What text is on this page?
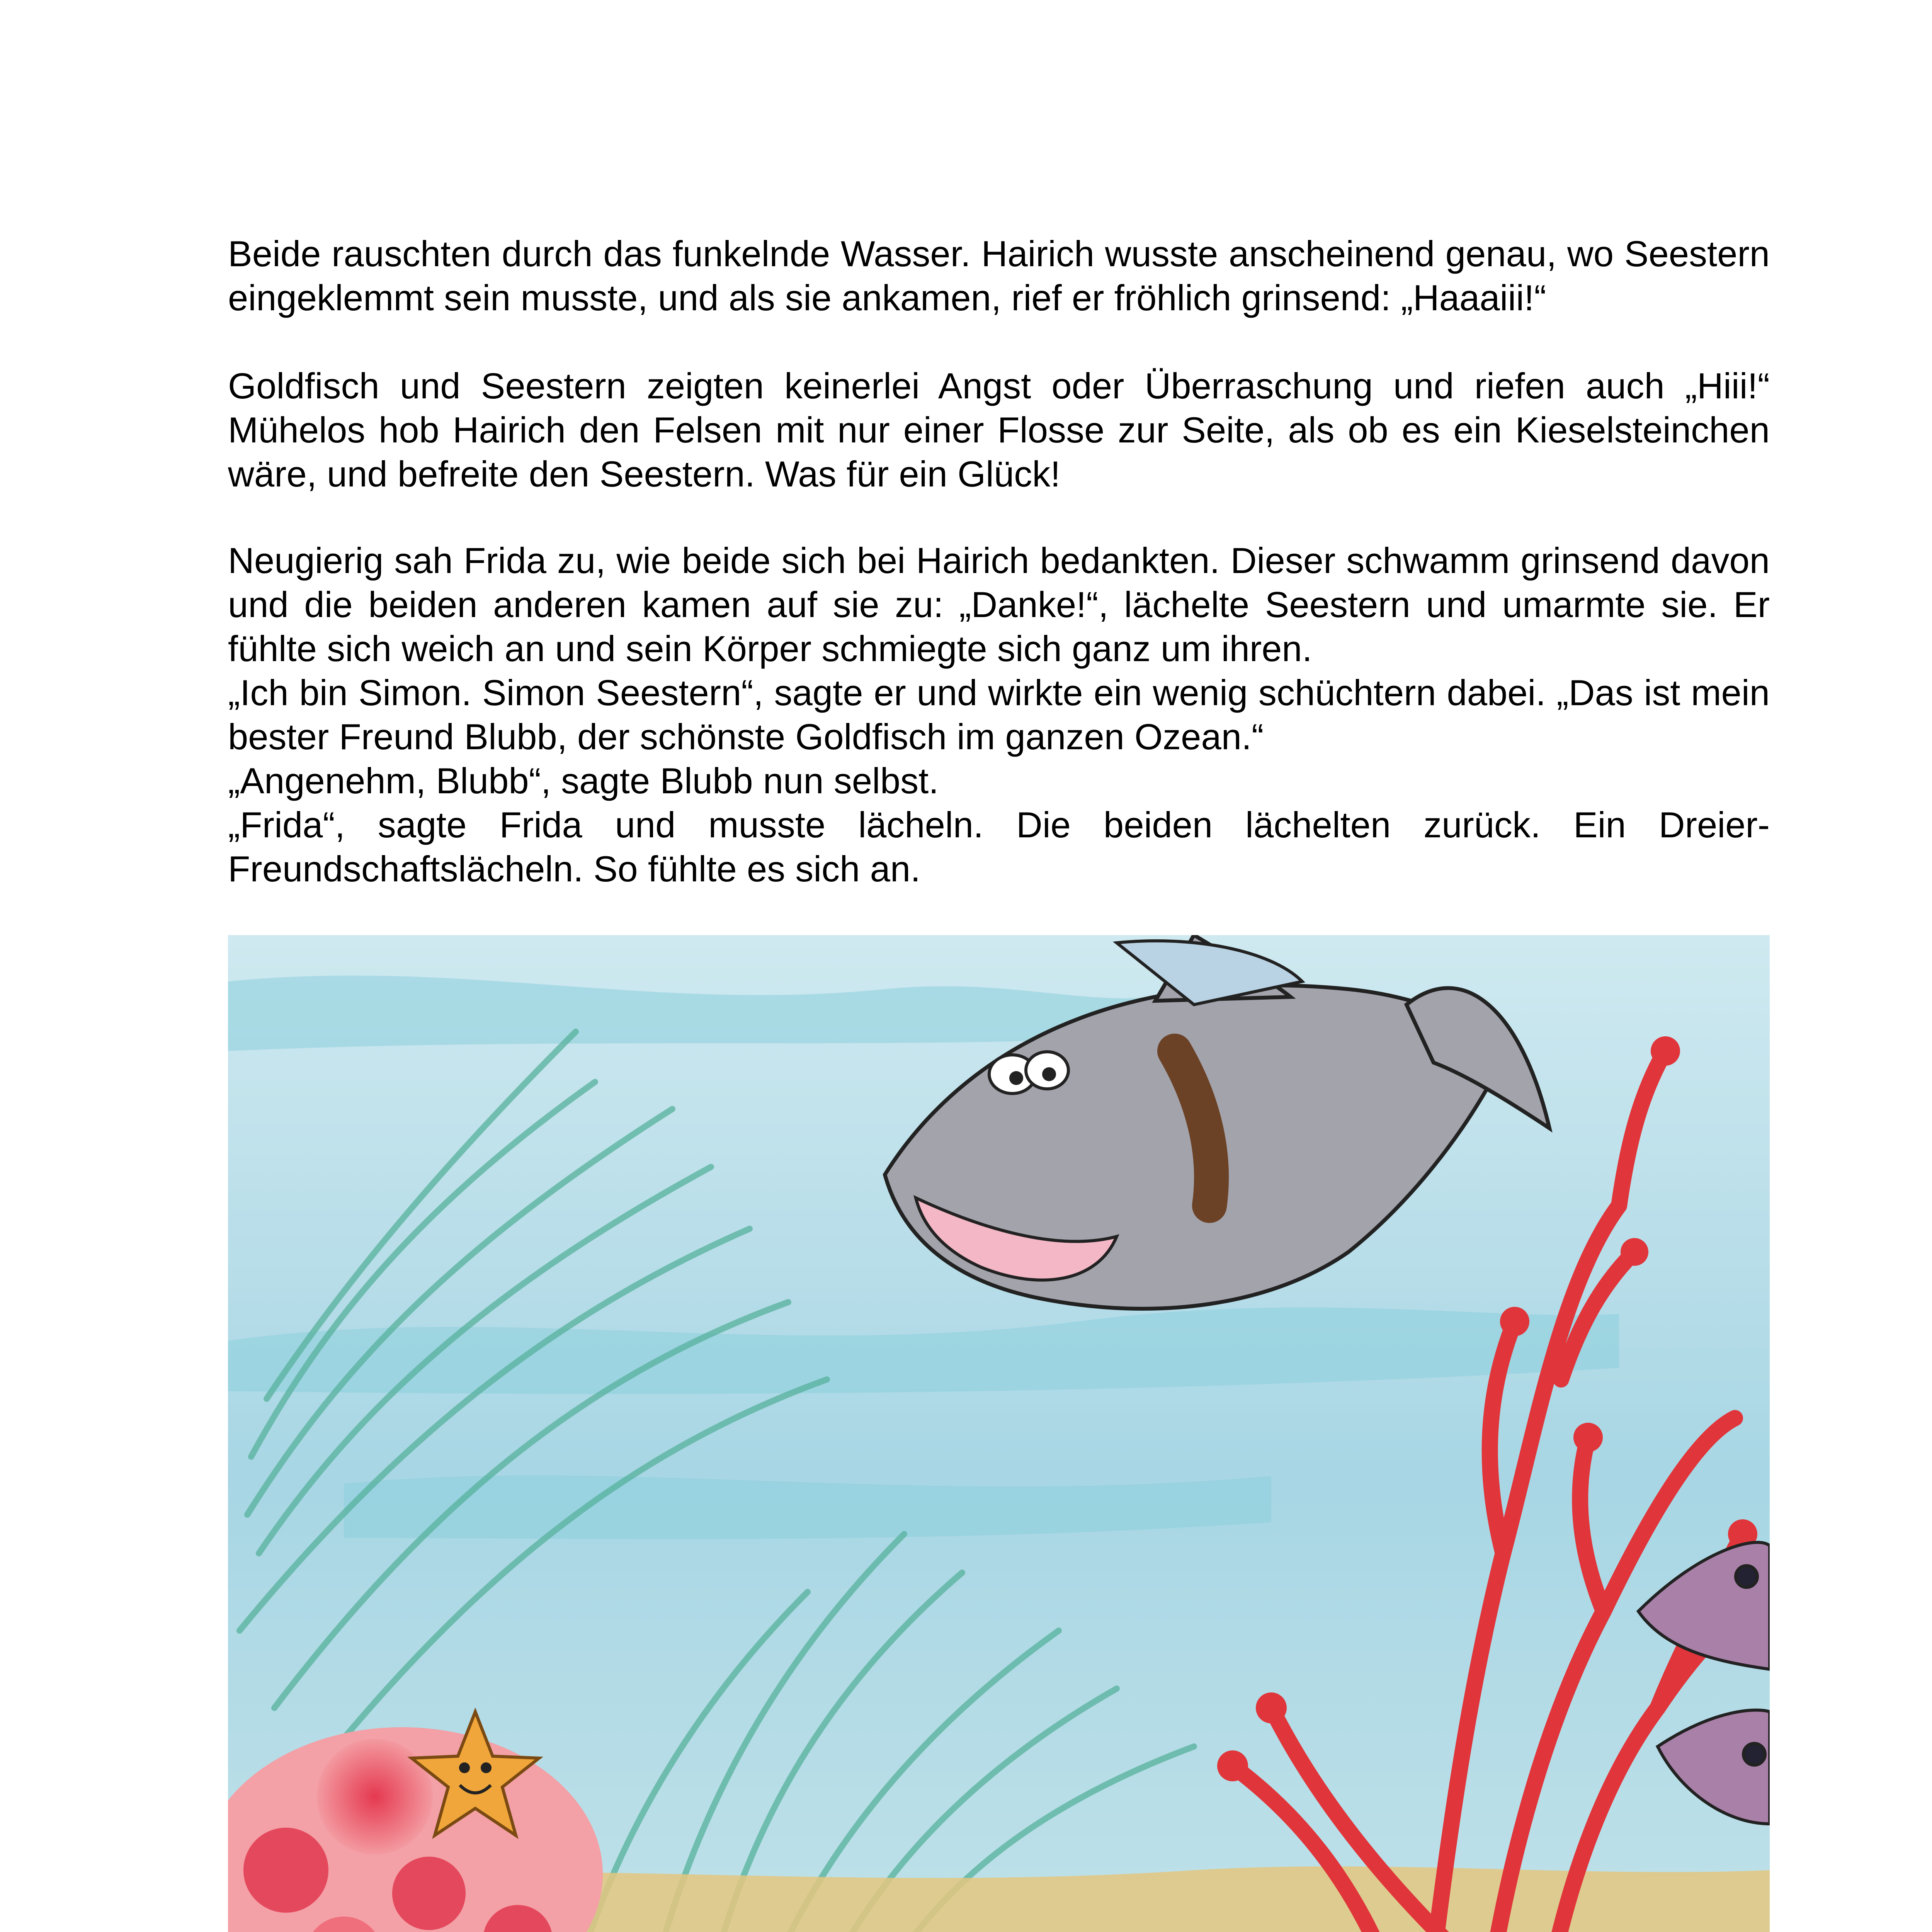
Beide rauschten durch das funkelnde Wasser. Hairich wusste anscheinend genau, wo Seestern eingeklemmt sein musste, und als sie ankamen, rief er fröhlich grinsend: „Haaaiii!“

Goldfisch und Seestern zeigten keinerlei Angst oder Überraschung und riefen auch „Hiii!“ Mühelos hob Hairich den Felsen mit nur einer Flosse zur Seite, als ob es ein Kieselsteinchen wäre, und befreite den Seestern. Was für ein Glück!

Neugierig sah Frida zu, wie beide sich bei Hairich bedankten. Dieser schwamm grinsend davon und die beiden anderen kamen auf sie zu: „Danke!“, lächelte Seestern und umarmte sie. Er fühlte sich weich an und sein Körper schmiegte sich ganz um ihren.

„Ich bin Simon. Simon Seestern“, sagte er und wirkte ein wenig schüchtern dabei. „Das ist mein bester Freund Blubb, der schönste Goldfisch im ganzen Ozean.“

„Angenehm, Blubb“, sagte Blubb nun selbst.

„Frida“, sagte Frida und musste lächeln. Die beiden lächelten zurück. Ein Dreier-Freundschaftslächeln. So fühlte es sich an.
